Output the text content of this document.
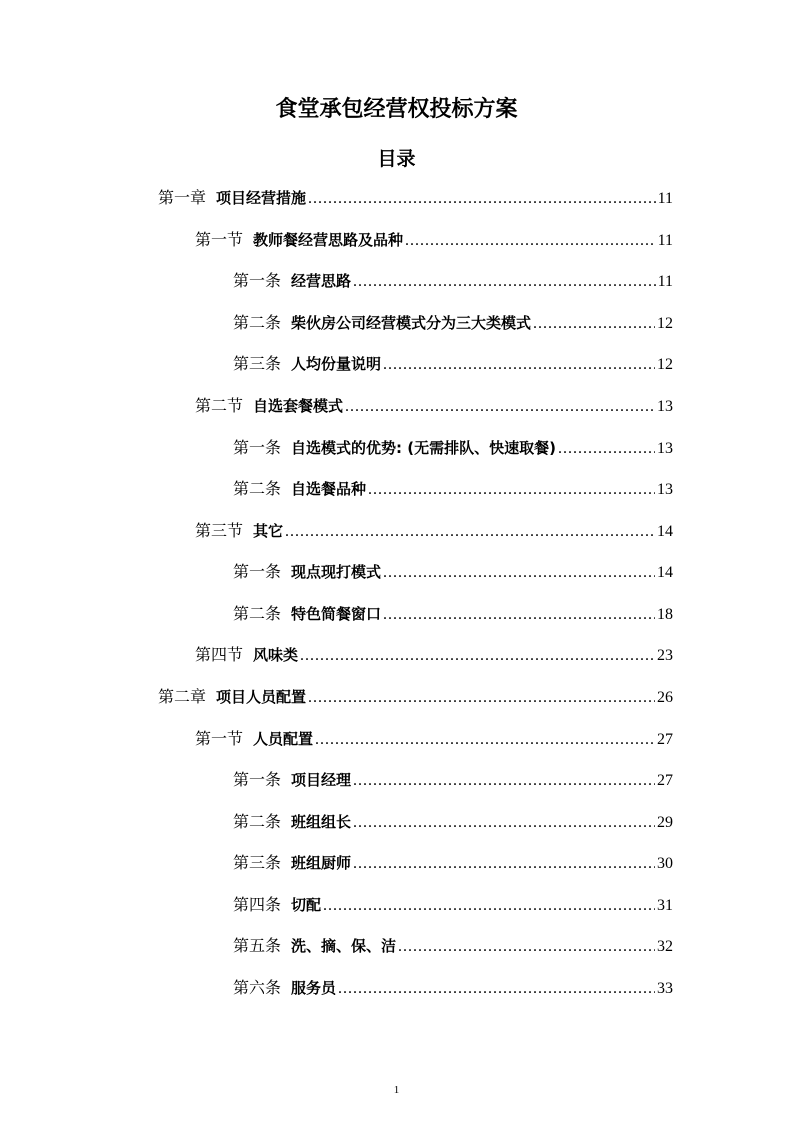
食堂承包经营权投标方案
目录
第一章 项目经营措施 .....	11
第一节 教师餐经营思路及品种 .....	11
第一条 经营思路 .....	11
第二条 柴伙房公司经营模式分为三大类模式 .....	12
第三条 人均份量说明 .....	12
第二节 自选套餐模式 .....	13
第一条 自选模式的优势: (无需排队、快速取餐) .....	13
第二条 自选餐品种 .....	13
第三节 其它 .....	14
第一条 现点现打模式 .....	14
第二条 特色简餐窗口 .....	18
第四节 风味类 .....	23
第二章 项目人员配置 .....	26
第一节 人员配置 .....	27
第一条 项目经理 .....	27
第二条 班组组长 .....	29
第三条 班组厨师 .....	30
第四条 切配 .....	31
第五条 洗、摘、保、洁 .....	32
第六条 服务员 .....	33
1
